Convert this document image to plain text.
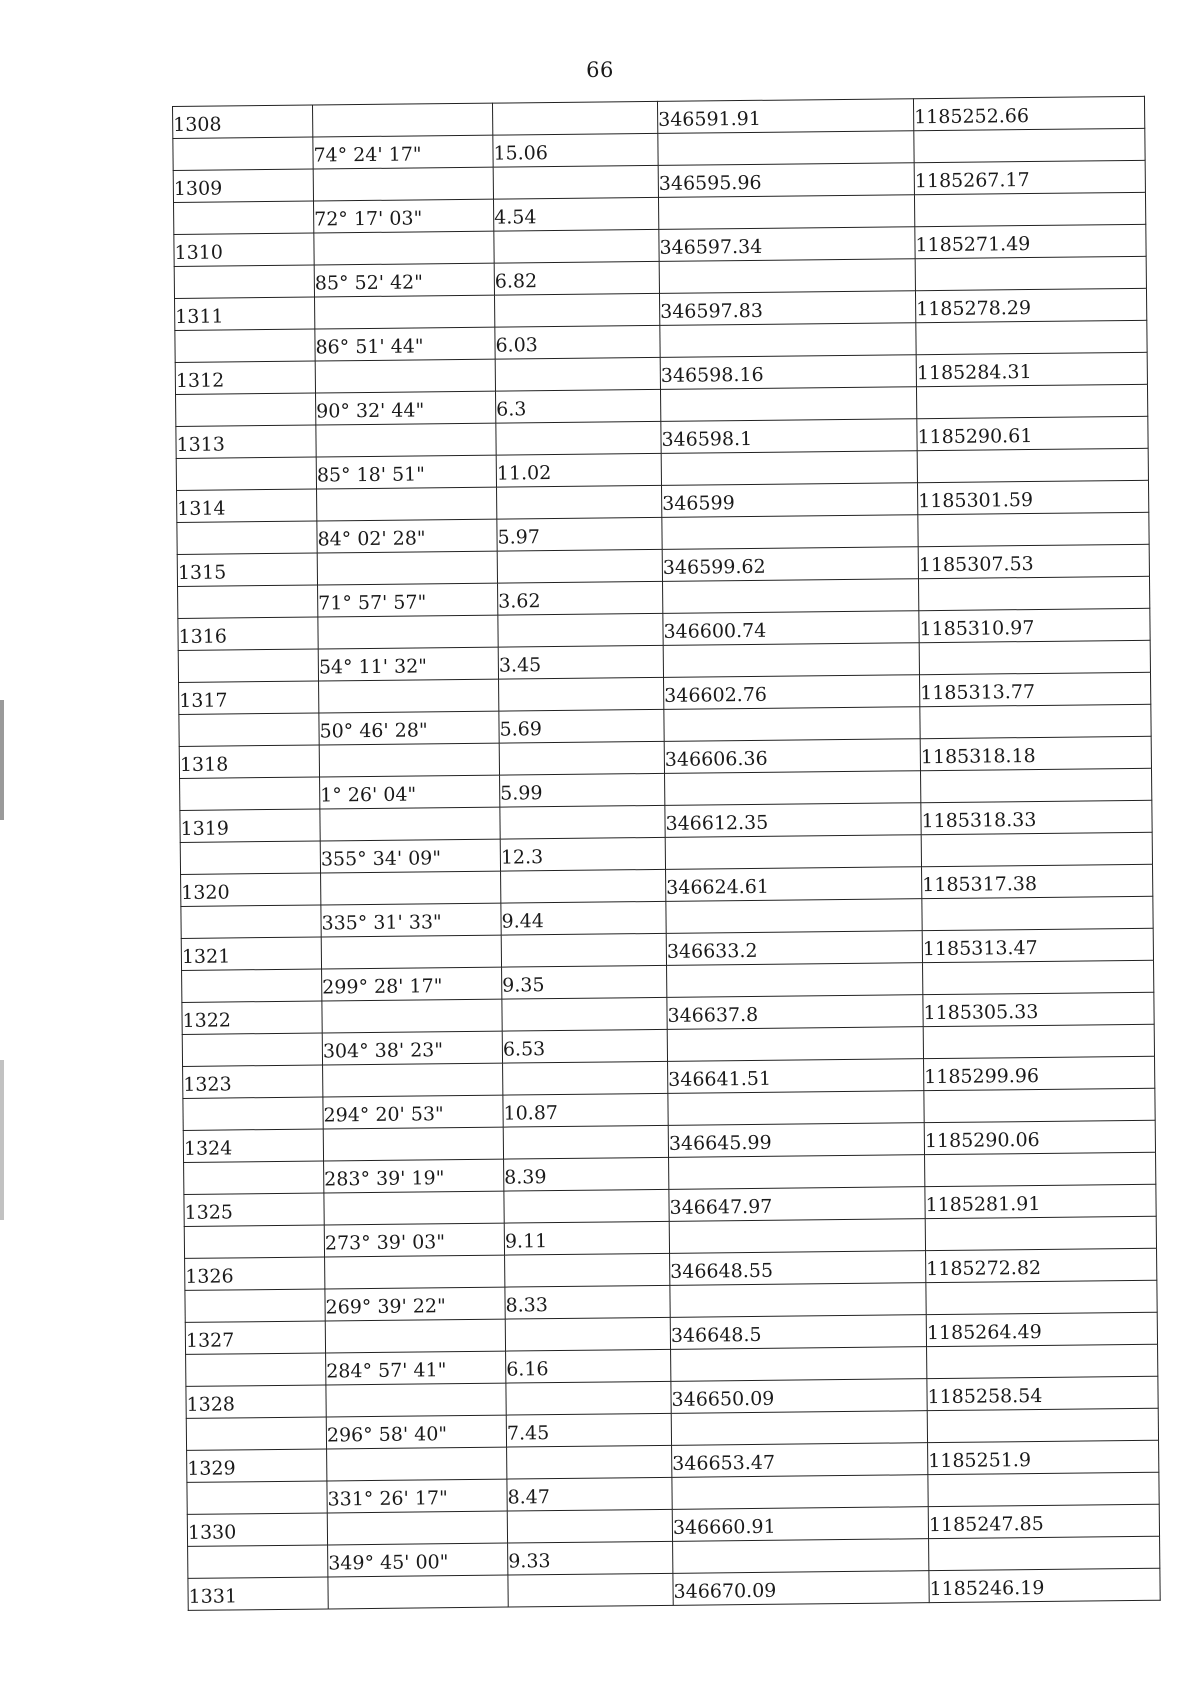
66
1308			346591.91	1185252.66
	74° 24' 17"	15.06		
1309			346595.96	1185267.17
	72° 17' 03"	4.54		
1310			346597.34	1185271.49
	85° 52' 42"	6.82		
1311			346597.83	1185278.29
	86° 51' 44"	6.03		
1312			346598.16	1185284.31
	90° 32' 44"	6.3		
1313			346598.1	1185290.61
	85° 18' 51"	11.02		
1314			346599	1185301.59
	84° 02' 28"	5.97		
1315			346599.62	1185307.53
	71° 57' 57"	3.62		
1316			346600.74	1185310.97
	54° 11' 32"	3.45		
1317			346602.76	1185313.77
	50° 46' 28"	5.69		
1318			346606.36	1185318.18
	1° 26' 04"	5.99		
1319			346612.35	1185318.33
	355° 34' 09"	12.3		
1320			346624.61	1185317.38
	335° 31' 33"	9.44		
1321			346633.2	1185313.47
	299° 28' 17"	9.35		
1322			346637.8	1185305.33
	304° 38' 23"	6.53		
1323			346641.51	1185299.96
	294° 20' 53"	10.87		
1324			346645.99	1185290.06
	283° 39' 19"	8.39		
1325			346647.97	1185281.91
	273° 39' 03"	9.11		
1326			346648.55	1185272.82
	269° 39' 22"	8.33		
1327			346648.5	1185264.49
	284° 57' 41"	6.16		
1328			346650.09	1185258.54
	296° 58' 40"	7.45		
1329			346653.47	1185251.9
	331° 26' 17"	8.47		
1330			346660.91	1185247.85
	349° 45' 00"	9.33		
1331			346670.09	1185246.19
